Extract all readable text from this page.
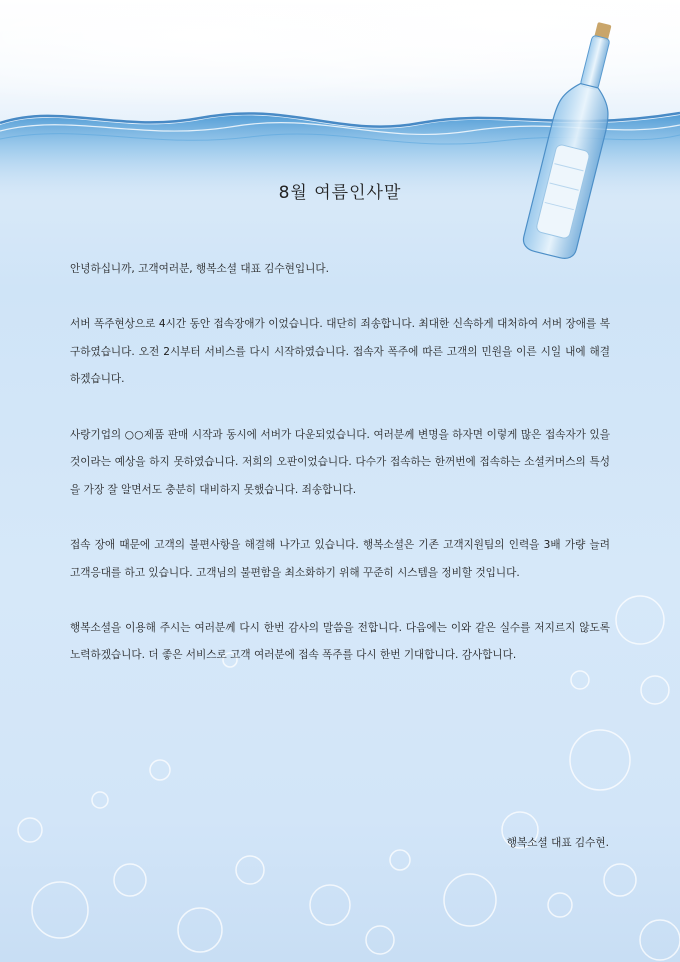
8월 여름인사말

안녕하십니까, 고객여러분, 행복소셜 대표 김수현입니다.

서버 폭주현상으로 4시간 동안 접속장애가 이었습니다. 대단히 죄송합니다. 최대한 신속하게 대처하여 서버 장애를 복구하였습니다. 오전 2시부터 서비스를 다시 시작하였습니다. 접속자 폭주에 따른 고객의 민원을 이른 시일 내에 해결하겠습니다.

사랑기업의 ○○제품 판매 시작과 동시에 서버가 다운되었습니다. 여러분께 변명을 하자면 이렇게 많은 접속자가 있을 것이라는 예상을 하지 못하였습니다. 저희의 오판이었습니다. 다수가 접속하는 한꺼번에 접속하는 소셜커머스의 특성을 가장 잘 알면서도 충분히 대비하지 못했습니다. 죄송합니다.

접속 장애 때문에 고객의 불편사항을 해결해 나가고 있습니다. 행복소셜은 기존 고객지원팀의 인력을 3배 가량 늘려 고객응대를 하고 있습니다. 고객님의 불편함을 최소화하기 위해 꾸준히 시스템을 정비할 것입니다.

행복소셜을 이용해 주시는 여러분께 다시 한번 감사의 말씀을 전합니다. 다음에는 이와 같은 실수를 저지르지 않도록 노력하겠습니다. 더 좋은 서비스로 고객 여러분에 접속 폭주를 다시 한번 기대합니다. 감사합니다.

행복소셜 대표 김수현.
